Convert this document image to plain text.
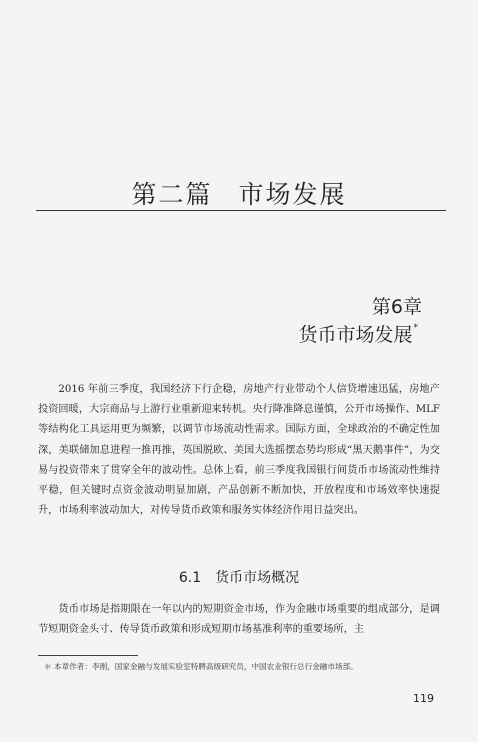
第二篇 市场发展
第6章
货币市场发展*

2016 年前三季度，我国经济下行企稳，房地产行业带动个人信贷增速迅猛，房地产投资回暖，大宗商品与上游行业重新迎来转机。央行降准降息谨慎，公开市场操作、MLF 等结构化工具运用更为频繁，以调节市场流动性需求。国际方面，全球政治的不确定性加深，美联储加息进程一推再推，英国脱欧、美国大选摇摆态势均形成“黑天鹅事件”，为交易与投资带来了贯穿全年的波动性。总体上看，前三季度我国银行间货币市场流动性维持平稳，但关键时点资金波动明显加剧，产品创新不断加快，开放程度和市场效率快速提升，市场利率波动加大，对传导货币政策和服务实体经济作用日益突出。

6.1 货币市场概况

货币市场是指期限在一年以内的短期资金市场，作为金融市场重要的组成部分，是调节短期资金头寸、传导货币政策和形成短期市场基准利率的重要场所，主

＊ 本章作者：李刚，国家金融与发展实验室特聘高级研究员，中国农业银行总行金融市场部。
119
